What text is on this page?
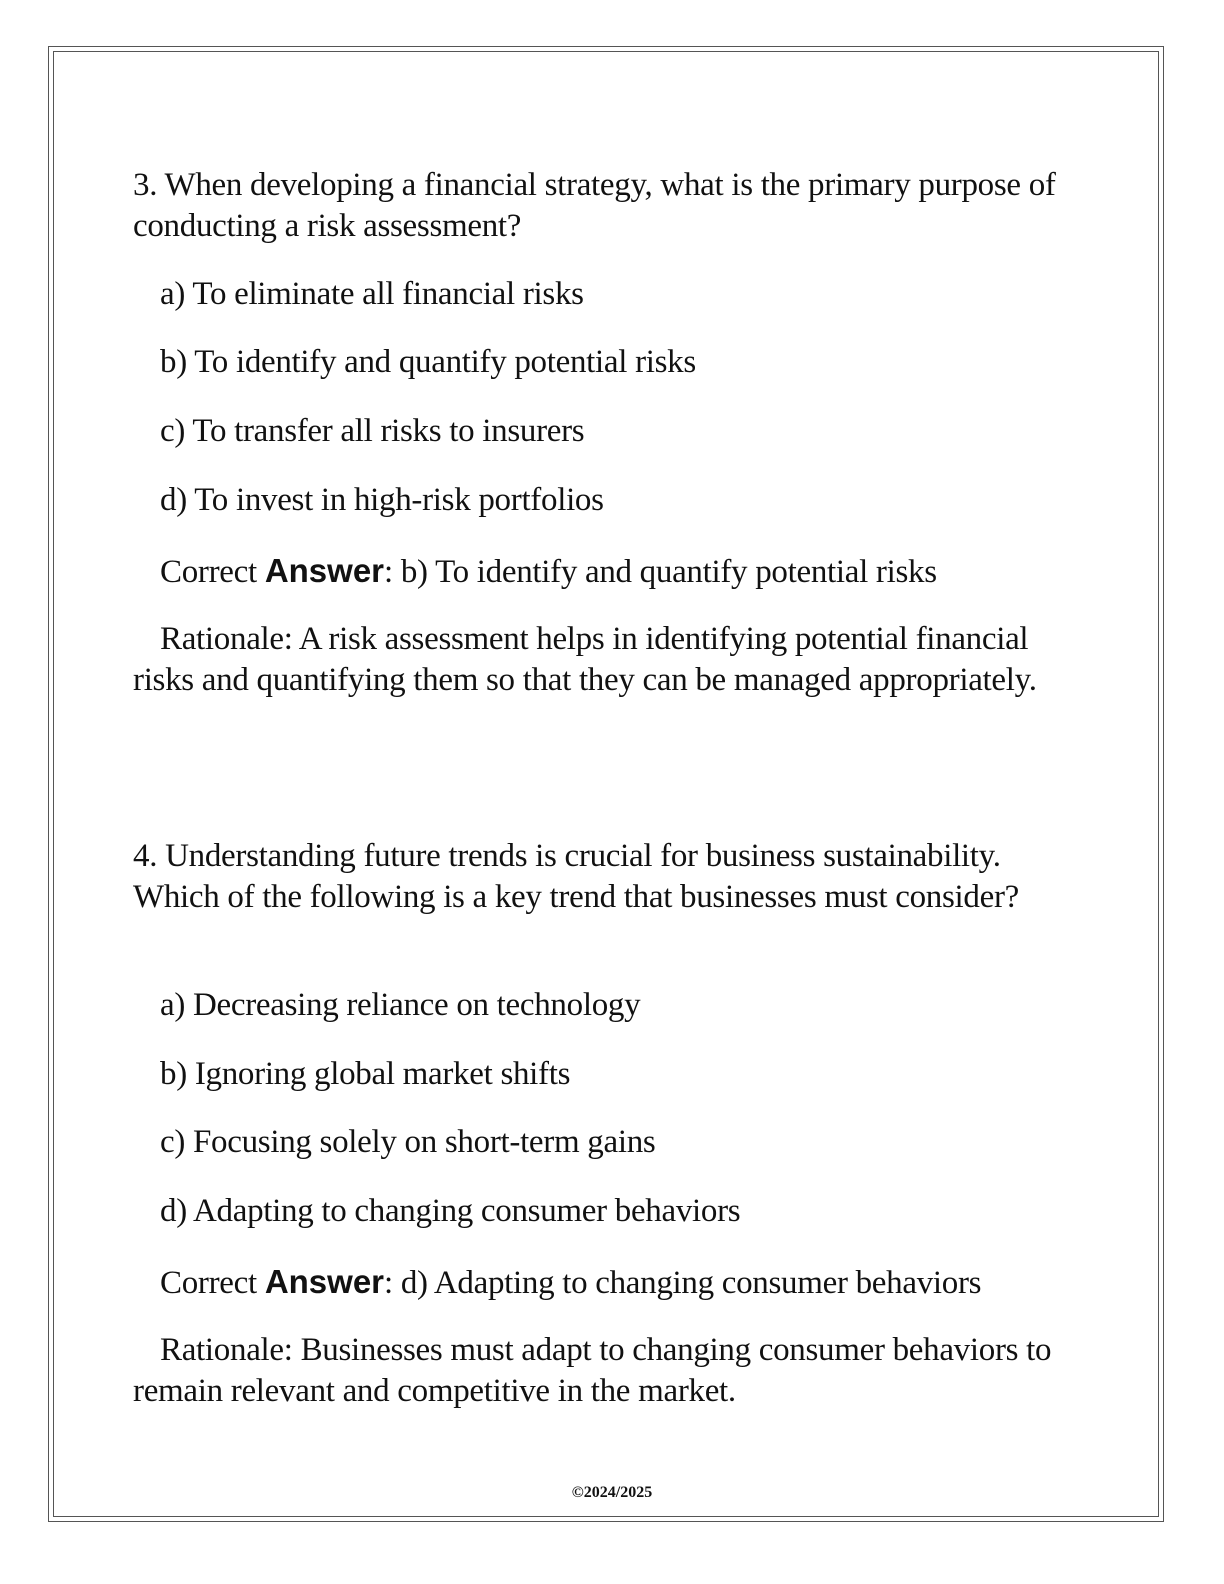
3. When developing a financial strategy, what is the primary purpose of conducting a risk assessment?

a) To eliminate all financial risks

b) To identify and quantify potential risks

c) To transfer all risks to insurers

d) To invest in high-risk portfolios

Correct Answer: b) To identify and quantify potential risks

Rationale: A risk assessment helps in identifying potential financial risks and quantifying them so that they can be managed appropriately.

4. Understanding future trends is crucial for business sustainability. Which of the following is a key trend that businesses must consider?

a) Decreasing reliance on technology

b) Ignoring global market shifts

c) Focusing solely on short-term gains

d) Adapting to changing consumer behaviors

Correct Answer: d) Adapting to changing consumer behaviors

Rationale: Businesses must adapt to changing consumer behaviors to remain relevant and competitive in the market.

©2024/2025
